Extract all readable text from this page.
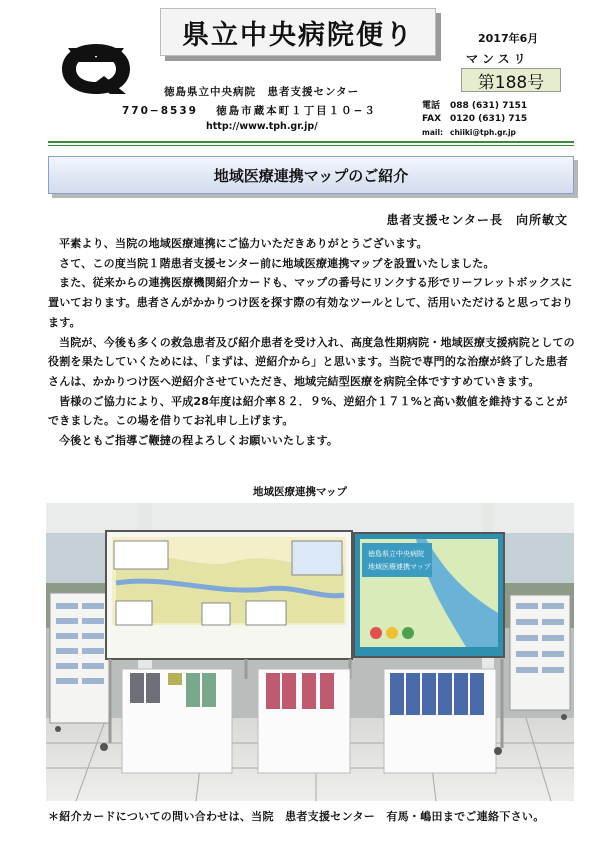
県立中央病院便り	2017年6月
マンスリ
第188号
徳島県立中央病院　患者支援センター
770−8539　 徳島市蔵本町１丁目１０−３
http://www.tph.gr.jp/
電話 088 (631) 7151
FAX 0120 (631) 715
mail: chiiki@tph.gr.jp
地域医療連携マップのご紹介
患者支援センター長　向所敏文

平素より、当院の地域医療連携にご協力いただきありがとうございます。

さて、この度当院１階患者支援センター前に地域医療連携マップを設置いたしました。

また、従来からの連携医療機関紹介カードも、マップの番号にリンクする形でリーフレットボックスに置いております。患者さんがかかりつけ医を探す際の有効なツールとして、活用いただけると思っております。

当院が、今後も多くの救急患者及び紹介患者を受け入れ、高度急性期病院・地域医療支援病院としての役割を果たしていくためには、「まずは、逆紹介から」と思います。当院で専門的な治療が終了した患者さんは、かかりつけ医へ逆紹介させていただき、地域完結型医療を病院全体ですすめていきます。

皆様のご協力により、平成28年度は紹介率８２．９%、逆紹介１７１%と高い数値を維持することができました。この場を借りてお礼申し上げます。

今後ともご指導ご鞭撻の程よろしくお願いいたします。

地域医療連携マップ
徳島県立中央病院
地域医療連携マップ
＊紹介カードについての問い合わせは、当院　患者支援センター　有馬・嶋田までご連絡下さい。
